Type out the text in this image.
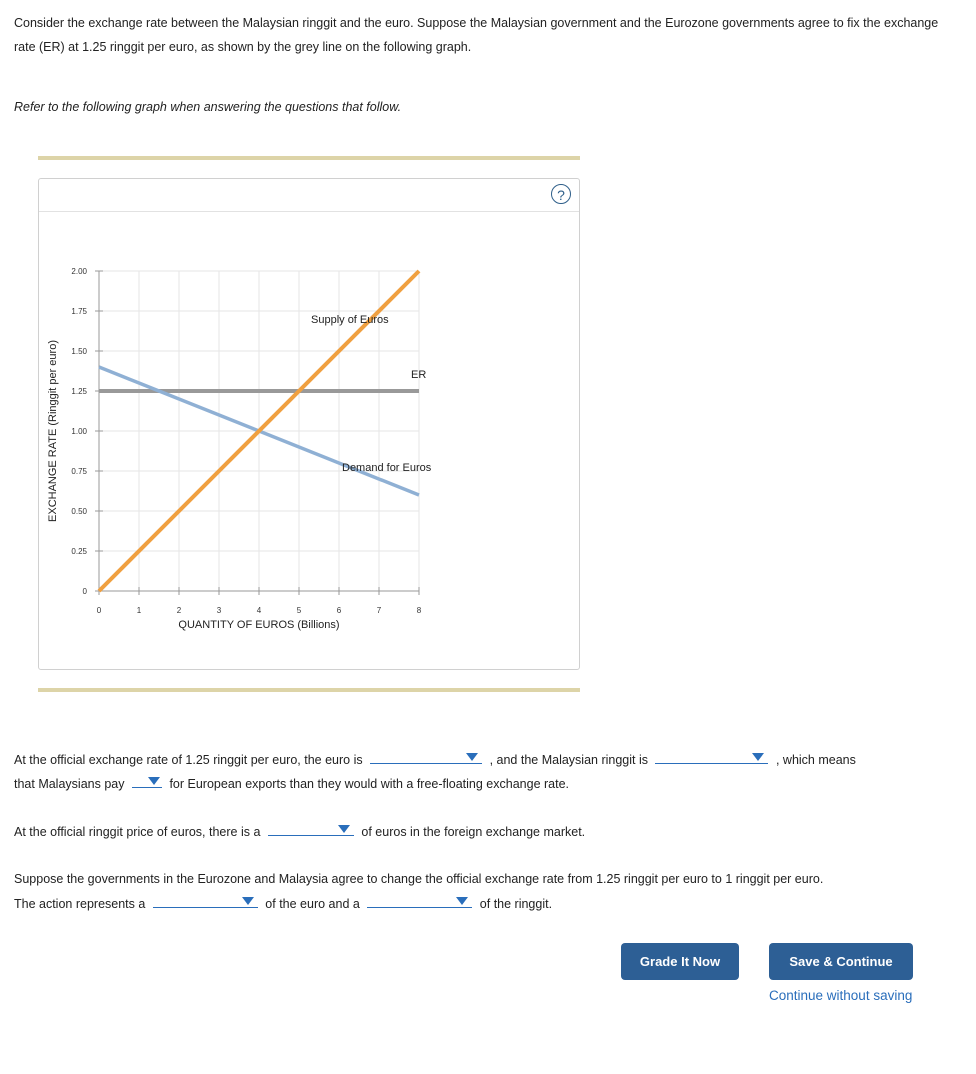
Consider the exchange rate between the Malaysian ringgit and the euro. Suppose the Malaysian government and the Eurozone governments agree to fix the exchange rate (ER) at 1.25 ringgit per euro, as shown by the grey line on the following graph.

Refer to the following graph when answering the questions that follow.

?
0
0.25
0.50
0.75
1.00
1.25
1.50
1.75
2.00
0	1	2	3	4	5	6	7	8
QUANTITY OF EUROS (Billions)
EXCHANGE RATE (Ringgit per euro)
Supply of Euros
Demand for Euros
ER

At the official exchange rate of 1.25 ringgit per euro, the euro is	, and the Malaysian ringgit is	, which means

that Malaysians pay	for European exports than they would with a free-floating exchange rate.

At the official ringgit price of euros, there is a	of euros in the foreign exchange market.

Suppose the governments in the Eurozone and Malaysia agree to change the official exchange rate from 1.25 ringgit per euro to 1 ringgit per euro.

The action represents a	of the euro and a	of the ringgit.

Grade It Now	Save & Continue
Continue without saving
